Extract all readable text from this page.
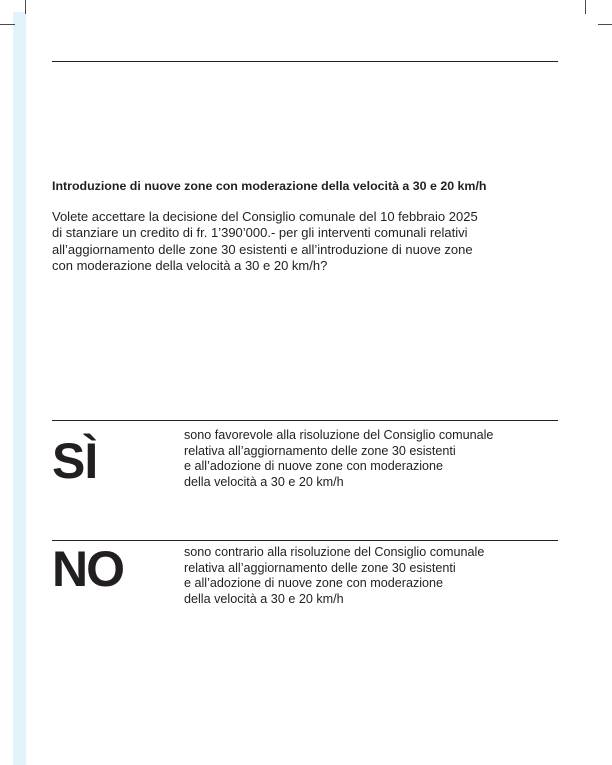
Introduzione di nuove zone con moderazione della velocità a 30 e 20 km/h
Volete accettare la decisione del Consiglio comunale del 10 febbraio 2025
di stanziare un credito di fr. 1’390’000.- per gli interventi comunali relativi
all’aggiornamento delle zone 30 esistenti e all’introduzione di nuove zone
con moderazione della velocità a 30 e 20 km/h?
SÌ	sono favorevole alla risoluzione del Consiglio comunale
relativa all’aggiornamento delle zone 30 esistenti
e all’adozione di nuove zone con moderazione
della velocità a 30 e 20 km/h
NO	sono contrario alla risoluzione del Consiglio comunale
relativa all’aggiornamento delle zone 30 esistenti
e all’adozione di nuove zone con moderazione
della velocità a 30 e 20 km/h
